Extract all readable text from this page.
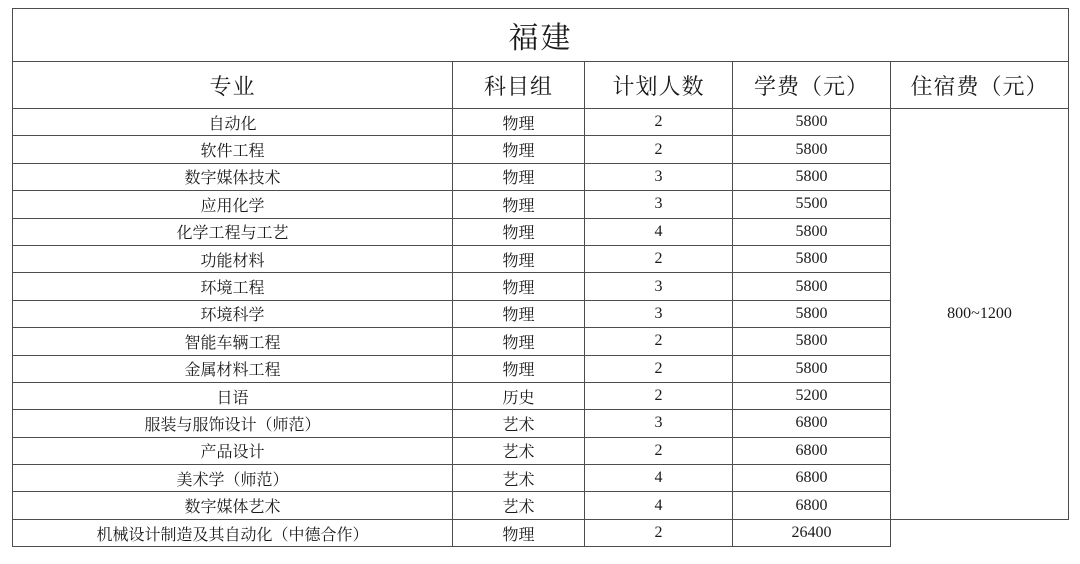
福建				
专业	科目组	计划人数	学费（元）	住宿费（元）
自动化	物理	2	5800	800~1200
软件工程	物理	2	5800	
数字媒体技术	物理	3	5800	
应用化学	物理	3	5500	
化学工程与工艺	物理	4	5800	
功能材料	物理	2	5800	
环境工程	物理	3	5800	
环境科学	物理	3	5800	
智能车辆工程	物理	2	5800	
金属材料工程	物理	2	5800	
日语	历史	2	5200	
服装与服饰设计（师范）	艺术	3	6800	
产品设计	艺术	2	6800	
美术学（师范）	艺术	4	6800	
数字媒体艺术	艺术	4	6800	
机械设计制造及其自动化（中德合作）	物理	2	26400	
